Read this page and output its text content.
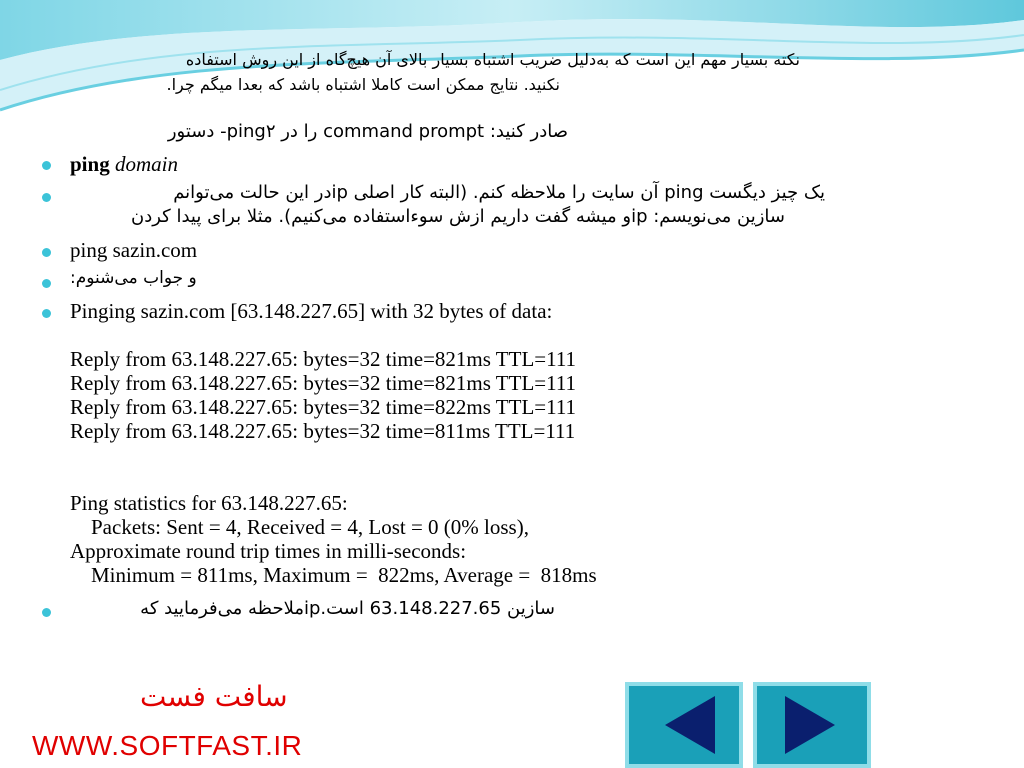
نکته بسیار مهم این است که به‌دلیل ضریب اشتباه بسیار بالای آن هیچ‌گاه از این روش استفاده
نکنید. نتایج ممکن است کاملا اشتباه باشد که بعدا میگم چرا.
صادر کنید: command prompt را در ping۲- دستور
ping domain
یک چیز دیگست ping آن سایت را ملاحظه کنم. (البته کار اصلی ipدر این حالت می‌توانم
سازین می‌نویسم: ipو میشه گفت داریم ازش سوءاستفاده می‌کنیم). مثلا برای پیدا کردن
ping sazin.com
و جواب می‌شنوم:
Pinging sazin.com [63.148.227.65] with 32 bytes of data:

Reply from 63.148.227.65: bytes=32 time=821ms TTL=111
Reply from 63.148.227.65: bytes=32 time=821ms TTL=111
Reply from 63.148.227.65: bytes=32 time=822ms TTL=111
Reply from 63.148.227.65: bytes=32 time=811ms TTL=111

Ping statistics for 63.148.227.65:
Packets: Sent = 4, Received = 4, Lost = 0 (0% loss),
Approximate round trip times in milli-seconds:
Minimum = 811ms, Maximum =  822ms, Average =  818ms
سازین 63.148.227.65 است.ipملاحظه می‌فرمایید که
سافت فست
WWW.SOFTFAST.IR
